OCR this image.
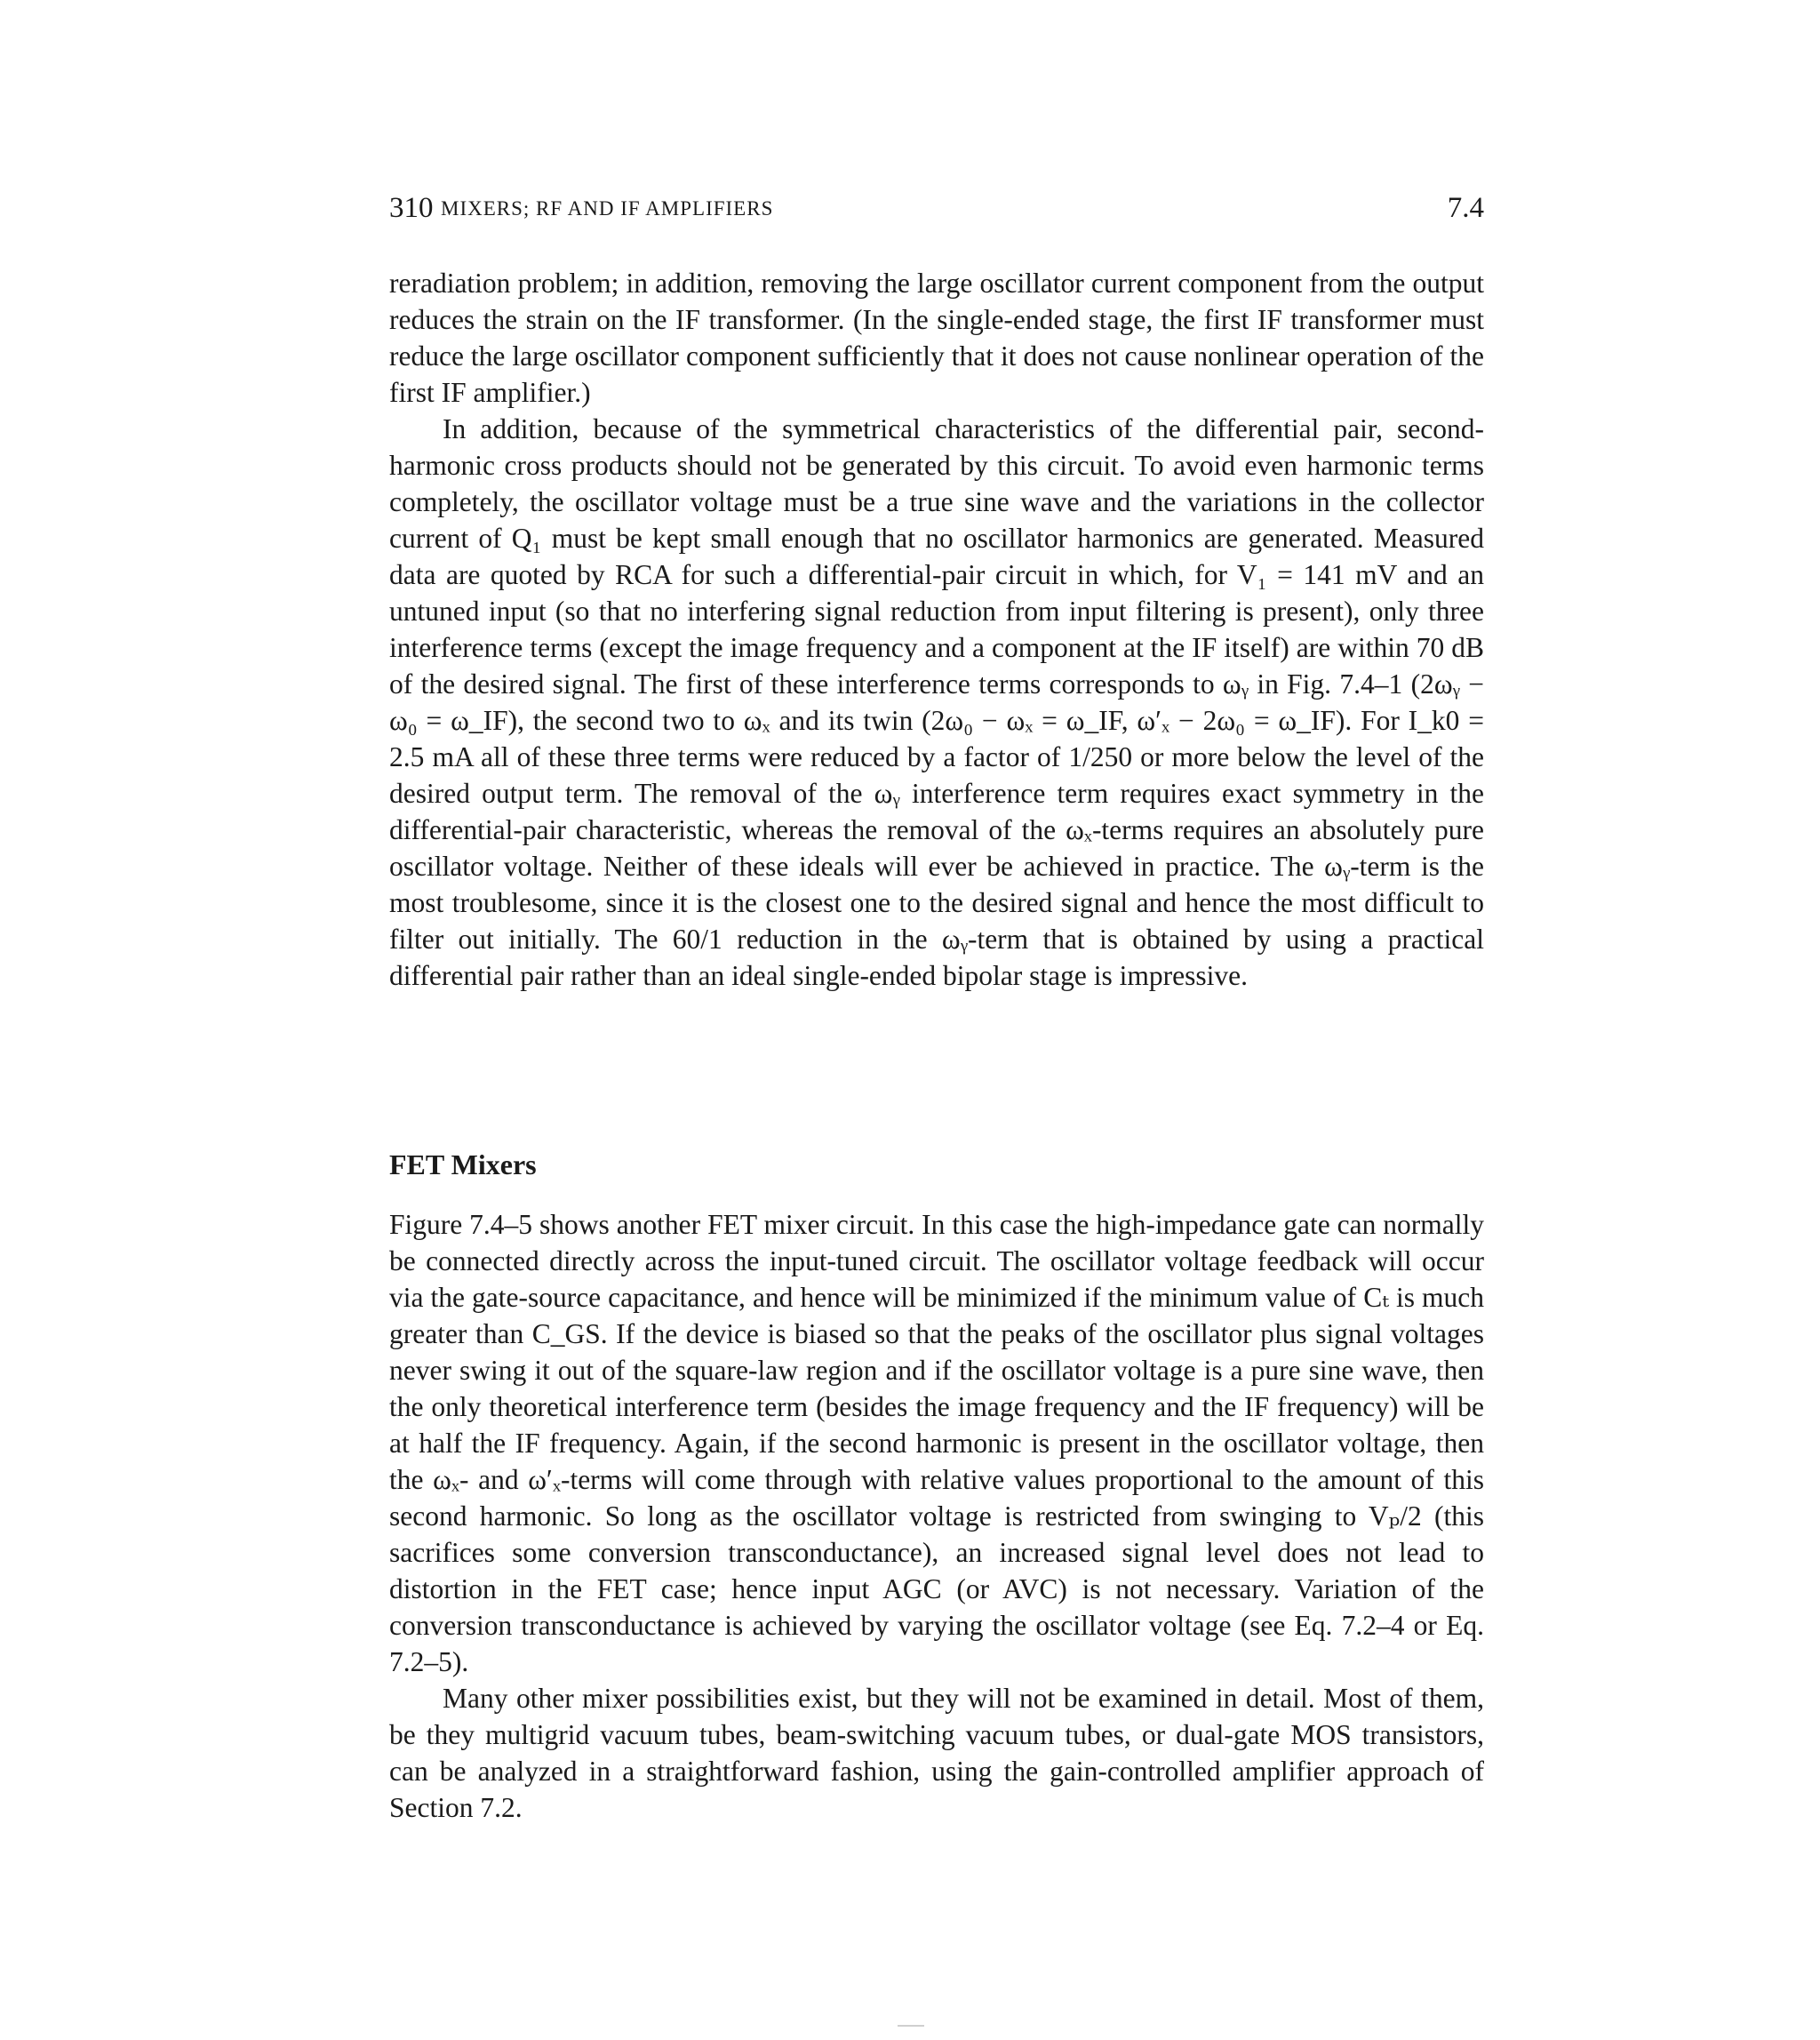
310 MIXERS; RF AND IF AMPLIFIERS	7.4

reradiation problem; in addition, removing the large oscillator current component from the output reduces the strain on the IF transformer. (In the single-ended stage, the first IF transformer must reduce the large oscillator component sufficiently that it does not cause nonlinear operation of the first IF amplifier.)

In addition, because of the symmetrical characteristics of the differential pair, second-harmonic cross products should not be generated by this circuit. To avoid even harmonic terms completely, the oscillator voltage must be a true sine wave and the variations in the collector current of Q₁ must be kept small enough that no oscillator harmonics are generated. Measured data are quoted by RCA for such a differential-pair circuit in which, for V₁ = 141 mV and an untuned input (so that no interfering signal reduction from input filtering is present), only three interference terms (except the image frequency and a component at the IF itself) are within 70 dB of the desired signal. The first of these interference terms corresponds to ωᵧ in Fig. 7.4–1 (2ωᵧ − ω₀ = ω_IF), the second two to ωₓ and its twin (2ω₀ − ωₓ = ω_IF, ω′ₓ − 2ω₀ = ω_IF). For I_k0 = 2.5 mA all of these three terms were reduced by a factor of 1/250 or more below the level of the desired output term. The removal of the ωᵧ interference term requires exact symmetry in the differential-pair characteristic, whereas the removal of the ωₓ-terms requires an absolutely pure oscillator voltage. Neither of these ideals will ever be achieved in practice. The ωᵧ-term is the most troublesome, since it is the closest one to the desired signal and hence the most difficult to filter out initially. The 60/1 reduction in the ωᵧ-term that is obtained by using a practical differential pair rather than an ideal single-ended bipolar stage is impressive.

FET Mixers

Figure 7.4–5 shows another FET mixer circuit. In this case the high-impedance gate can normally be connected directly across the input-tuned circuit. The oscillator voltage feedback will occur via the gate-source capacitance, and hence will be minimized if the minimum value of Cₜ is much greater than C_GS. If the device is biased so that the peaks of the oscillator plus signal voltages never swing it out of the square-law region and if the oscillator voltage is a pure sine wave, then the only theoretical interference term (besides the image frequency and the IF frequency) will be at half the IF frequency. Again, if the second harmonic is present in the oscillator voltage, then the ωₓ- and ω′ₓ-terms will come through with relative values proportional to the amount of this second harmonic. So long as the oscillator voltage is restricted from swinging to Vₚ/2 (this sacrifices some conversion transconductance), an increased signal level does not lead to distortion in the FET case; hence input AGC (or AVC) is not necessary. Variation of the conversion transconductance is achieved by varying the oscillator voltage (see Eq. 7.2–4 or Eq. 7.2–5).

Many other mixer possibilities exist, but they will not be examined in detail. Most of them, be they multigrid vacuum tubes, beam-switching vacuum tubes, or dual-gate MOS transistors, can be analyzed in a straightforward fashion, using the gain-controlled amplifier approach of Section 7.2.
